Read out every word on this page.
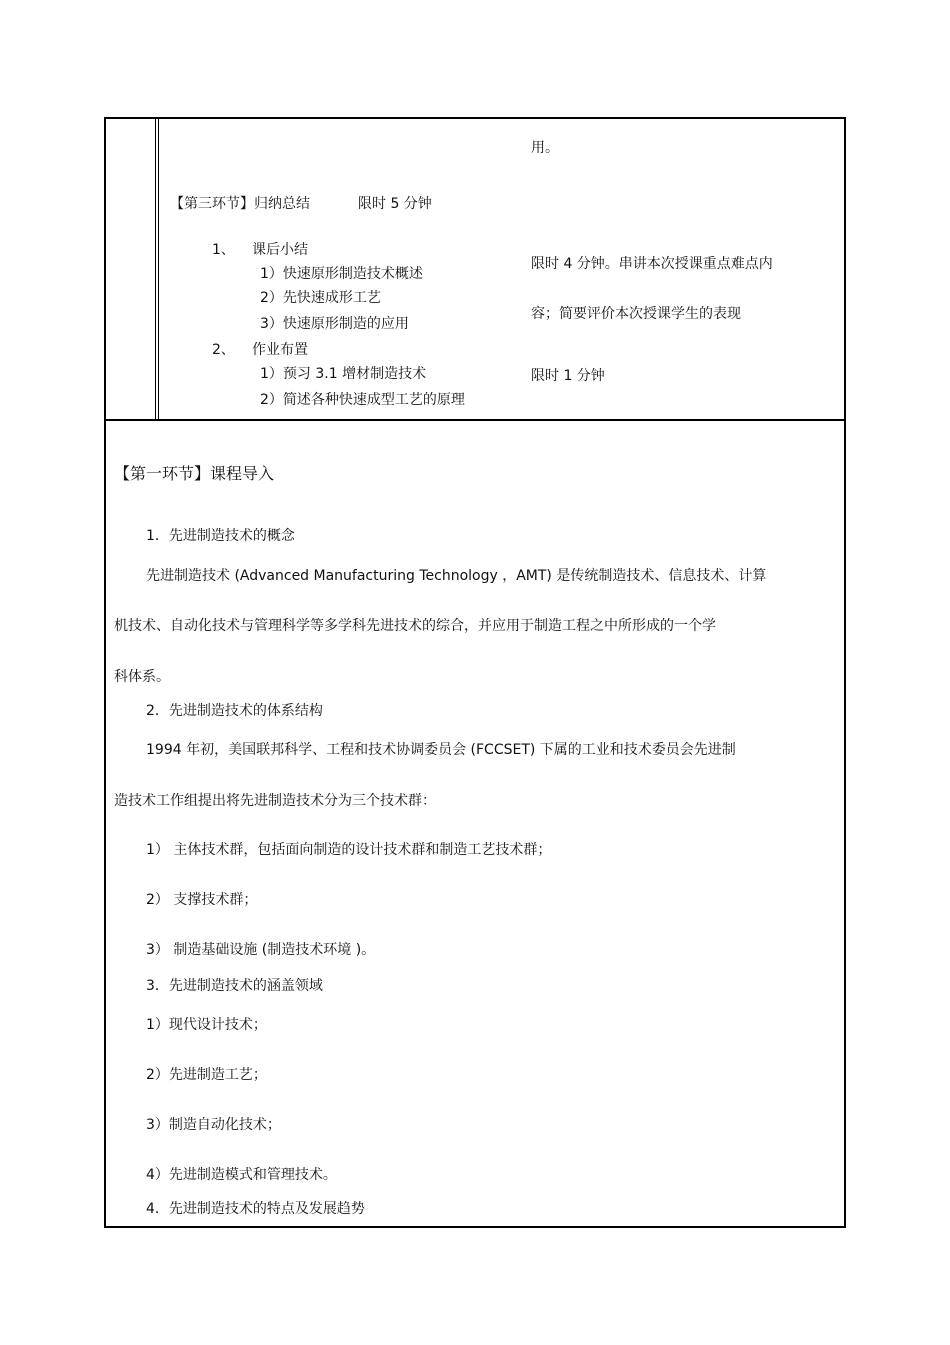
用。
【第三环节】归纳总结	限时 5 分钟
1、 课后小结
1）快速原形制造技术概述
2）先快速成形工艺
3）快速原形制造的应用
2、 作业布置
1）预习 3.1 增材制造技术
2）简述各种快速成型工艺的原理
限时 4 分钟。串讲本次授课重点难点内
容；简要评价本次授课学生的表现
限时 1 分钟
【第一环节】课程导入
1．先进制造技术的概念
先进制造技术 (Advanced Manufacturing Technology ，AMT) 是传统制造技术、信息技术、计算
机技术、自动化技术与管理科学等多学科先进技术的综合，并应用于制造工程之中所形成的一个学
科体系。
2．先进制造技术的体系结构
1994 年初，美国联邦科学、工程和技术协调委员会 (FCCSET) 下属的工业和技术委员会先进制
造技术工作组提出将先进制造技术分为三个技术群：
1） 主体技术群，包括面向制造的设计技术群和制造工艺技术群；
2） 支撑技术群；
3） 制造基础设施 (制造技术环境 )。
3．先进制造技术的涵盖领域
1）现代设计技术；
2）先进制造工艺；
3）制造自动化技术；
4）先进制造模式和管理技术。
4．先进制造技术的特点及发展趋势
